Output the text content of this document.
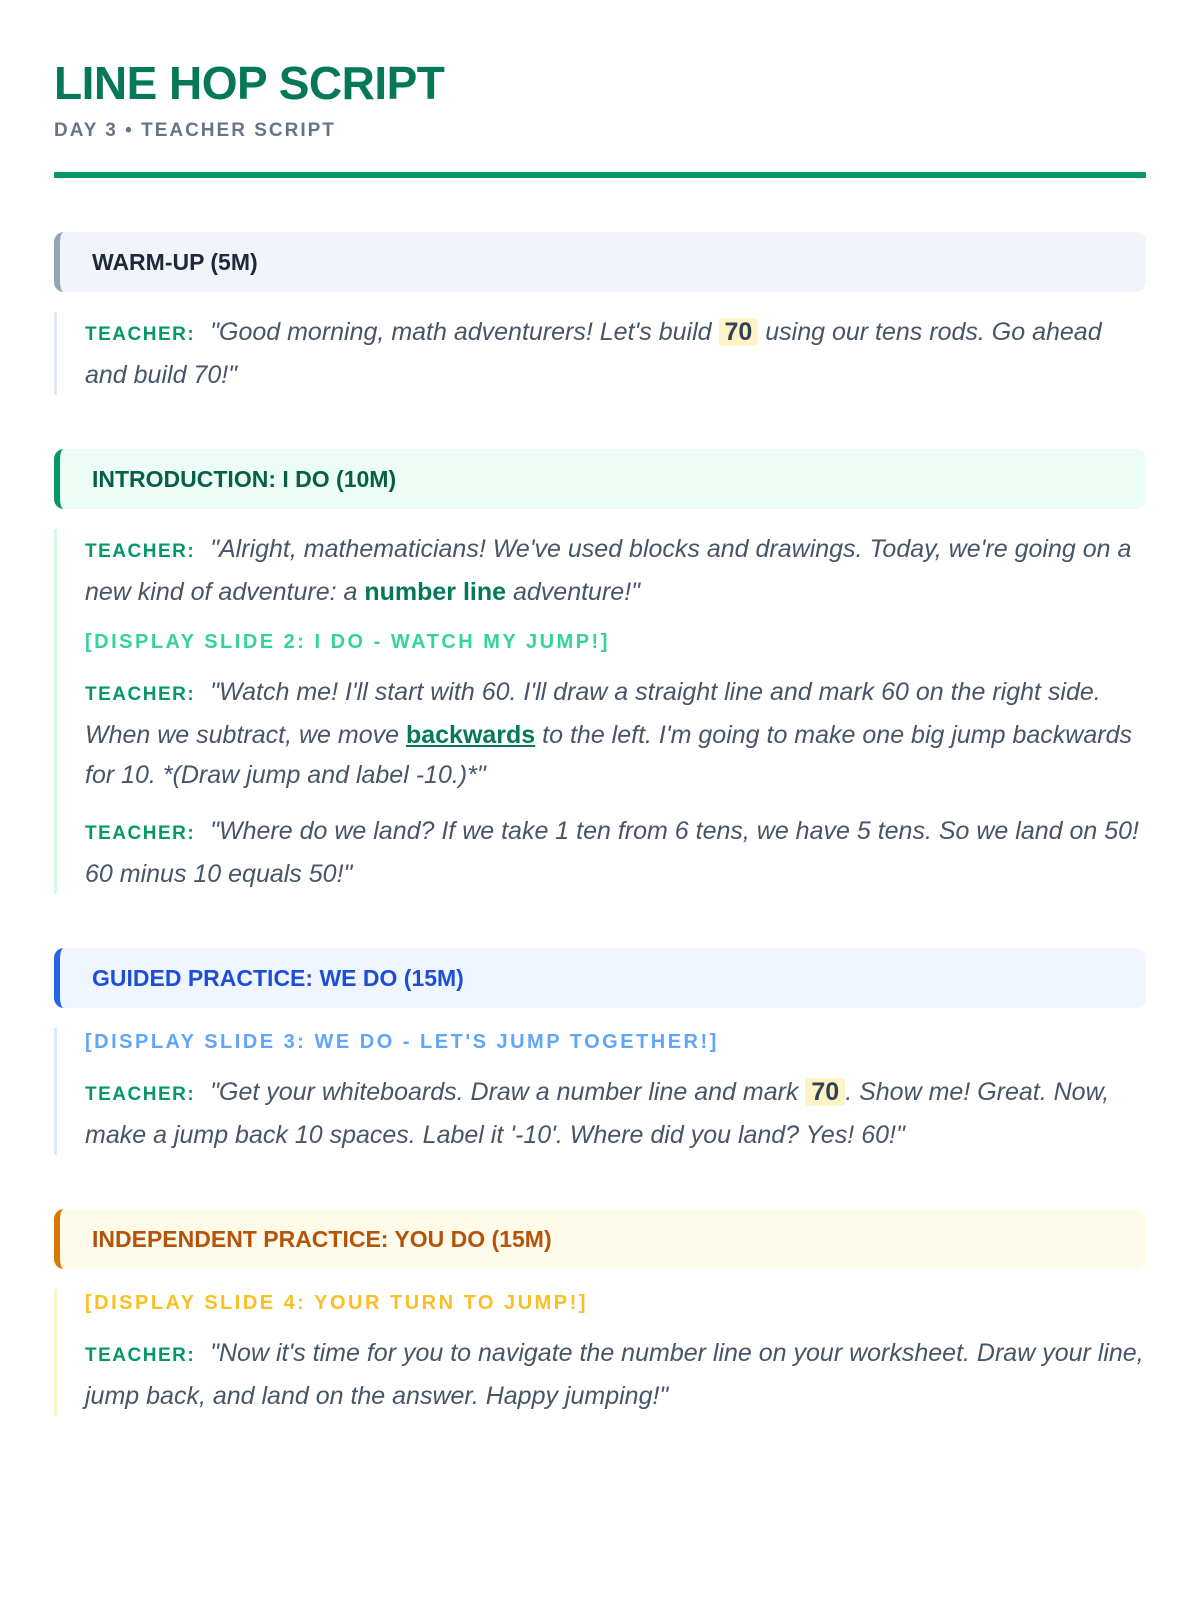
LINE HOP SCRIPT
DAY 3 • TEACHER SCRIPT
WARM-UP (5M)
TEACHER: "Good morning, math adventurers! Let's build 70 using our tens rods. Go ahead and build 70!"
INTRODUCTION: I DO (10M)
TEACHER: "Alright, mathematicians! We've used blocks and drawings. Today, we're going on a new kind of adventure: a number line adventure!"
[DISPLAY SLIDE 2: I DO - WATCH MY JUMP!]
TEACHER: "Watch me! I'll start with 60. I'll draw a straight line and mark 60 on the right side. When we subtract, we move backwards to the left. I'm going to make one big jump backwards for 10. *(Draw jump and label -10.)*"
TEACHER: "Where do we land? If we take 1 ten from 6 tens, we have 5 tens. So we land on 50! 60 minus 10 equals 50!"
GUIDED PRACTICE: WE DO (15M)
[DISPLAY SLIDE 3: WE DO - LET'S JUMP TOGETHER!]
TEACHER: "Get your whiteboards. Draw a number line and mark 70 . Show me! Great. Now, make a jump back 10 spaces. Label it '-10'. Where did you land? Yes! 60!"
INDEPENDENT PRACTICE: YOU DO (15M)
[DISPLAY SLIDE 4: YOUR TURN TO JUMP!]
TEACHER: "Now it's time for you to navigate the number line on your worksheet. Draw your line, jump back, and land on the answer. Happy jumping!"
